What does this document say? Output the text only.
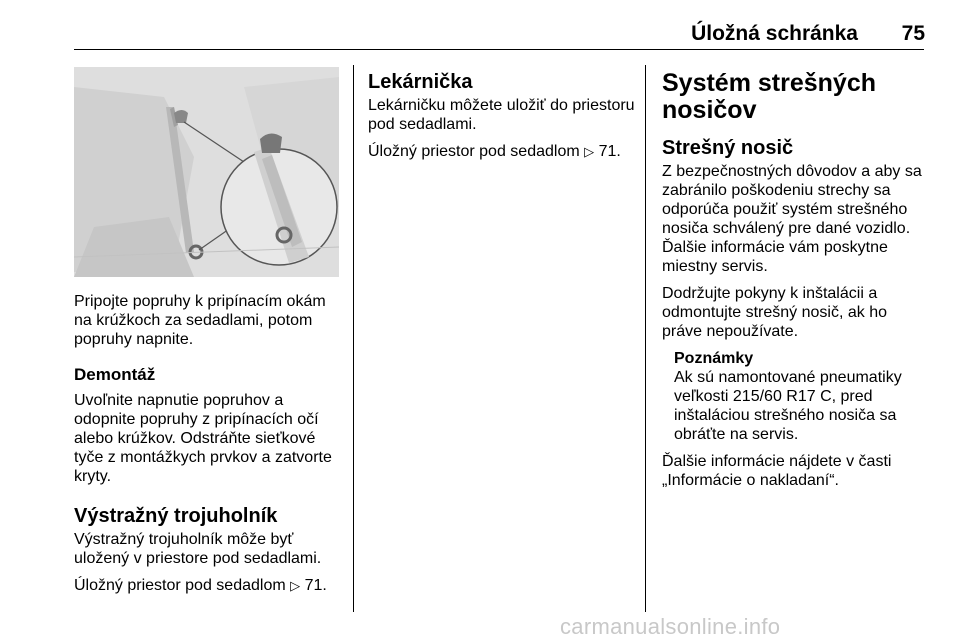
Úložná schránka	75

Pripojte popruhy k pripínacím okám na krúžkoch za sedadlami, potom popruhy napnite.

Demontáž

Uvoľnite napnutie popruhov a odopnite popruhy z pripínacích očí alebo krúžkov. Odstráňte sieťkové tyče z montážkych prvkov a zatvorte kryty.

Výstražný trojuholník

Výstražný trojuholník môže byť uložený v priestore pod sedadlami.

Úložný priestor pod sedadlom ▷ 71.

Lekárnička

Lekárničku môžete uložiť do priestoru pod sedadlami.

Úložný priestor pod sedadlom ▷ 71.

Systém strešných nosičov
Strešný nosič

Z bezpečnostných dôvodov a aby sa zabránilo poškodeniu strechy sa odporúča použiť systém strešného nosiča schválený pre dané vozidlo. Ďalšie informácie vám poskytne miestny servis.

Dodržujte pokyny k inštalácii a odmontujte strešný nosič, ak ho práve nepoužívate.

Poznámky

Ak sú namontované pneumatiky veľkosti 215/60 R17 C, pred inštaláciou strešného nosiča sa obráťte na servis.

Ďalšie informácie nájdete v časti „Informácie o nakladaní“.

carmanualsonline.info
